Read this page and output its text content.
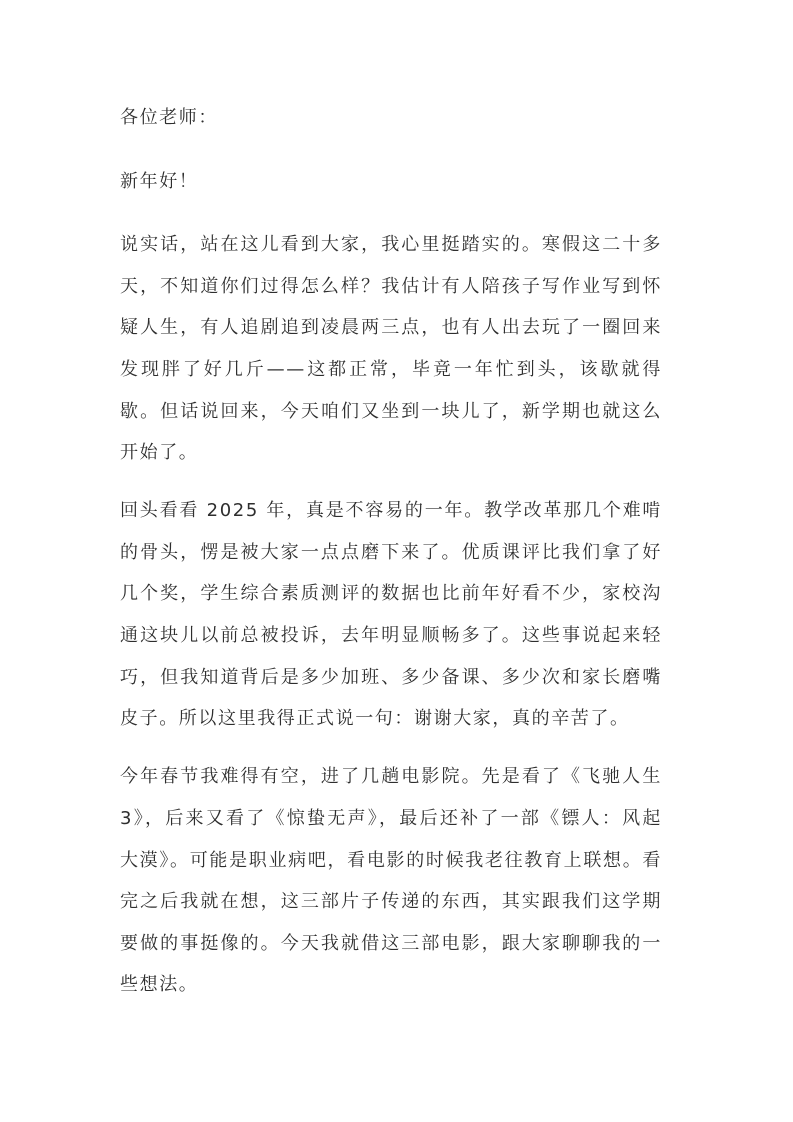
各位老师：

新年好！

说实话，站在这儿看到大家，我心里挺踏实的。寒假这二十多天，不知道你们过得怎么样？我估计有人陪孩子写作业写到怀疑人生，有人追剧追到凌晨两三点，也有人出去玩了一圈回来发现胖了好几斤——这都正常，毕竟一年忙到头，该歇就得歇。但话说回来，今天咱们又坐到一块儿了，新学期也就这么开始了。

回头看看 2025 年，真是不容易的一年。教学改革那几个难啃的骨头，愣是被大家一点点磨下来了。优质课评比我们拿了好几个奖，学生综合素质测评的数据也比前年好看不少，家校沟通这块儿以前总被投诉，去年明显顺畅多了。这些事说起来轻巧，但我知道背后是多少加班、多少备课、多少次和家长磨嘴皮子。所以这里我得正式说一句：谢谢大家，真的辛苦了。

今年春节我难得有空，进了几趟电影院。先是看了《飞驰人生3》，后来又看了《惊蛰无声》，最后还补了一部《镖人：风起大漠》。可能是职业病吧，看电影的时候我老往教育上联想。看完之后我就在想，这三部片子传递的东西，其实跟我们这学期要做的事挺像的。今天我就借这三部电影，跟大家聊聊我的一些想法。
